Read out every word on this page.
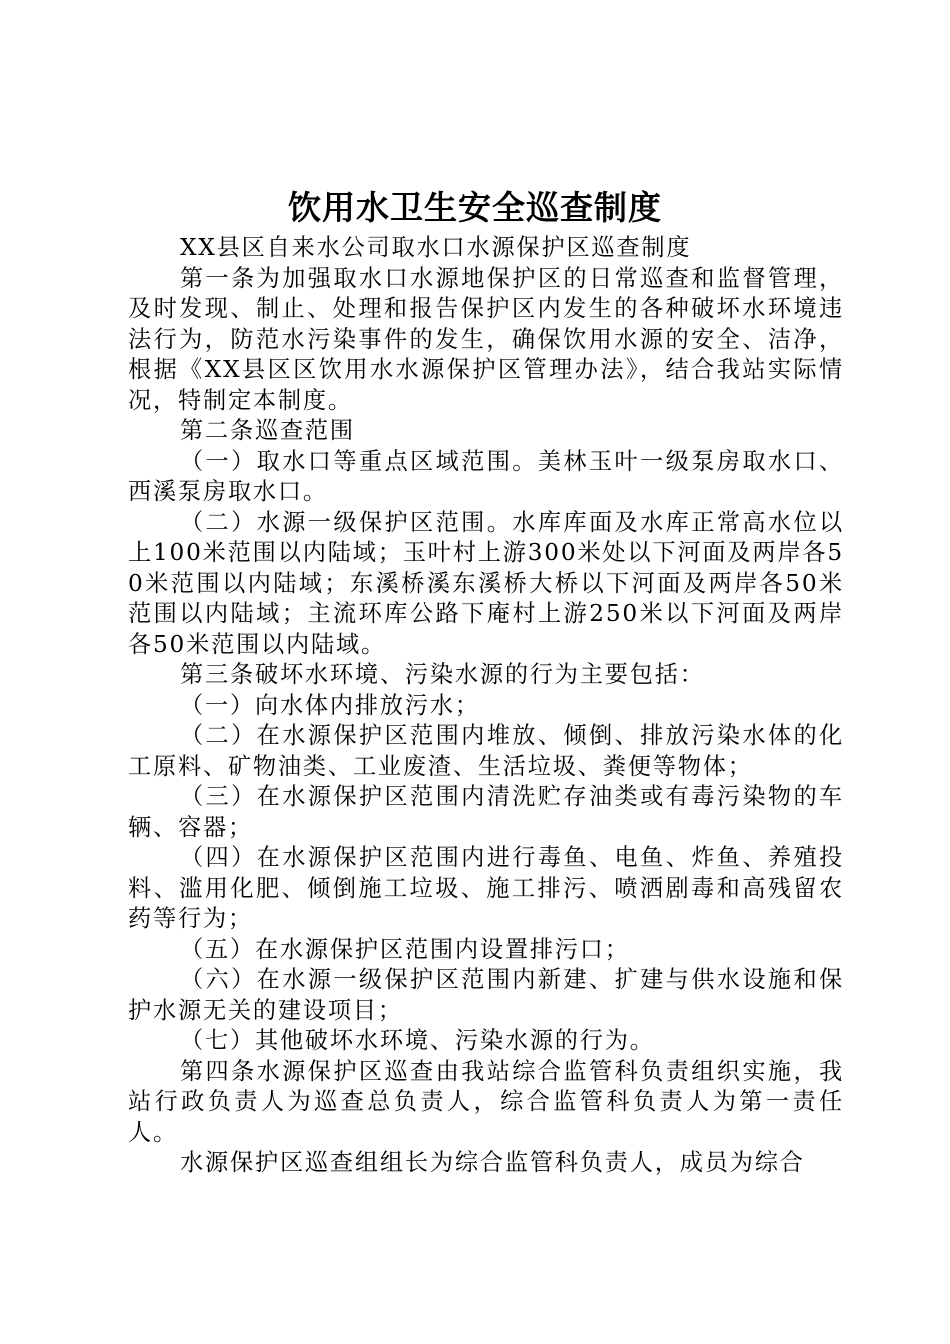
饮用水卫生安全巡查制度

XX县区自来水公司取水口水源保护区巡查制度

第一条为加强取水口水源地保护区的日常巡查和监督管理，及时发现、制止、处理和报告保护区内发生的各种破坏水环境违法行为，防范水污染事件的发生，确保饮用水源的安全、洁净，根据《XX县区区饮用水水源保护区管理办法》，结合我站实际情况，特制定本制度。

第二条巡查范围

（一）取水口等重点区域范围。美林玉叶一级泵房取水口、西溪泵房取水口。

（二）水源一级保护区范围。水库库面及水库正常高水位以上100米范围以内陆域；玉叶村上游300米处以下河面及两岸各50米范围以内陆域；东溪桥溪东溪桥大桥以下河面及两岸各50米范围以内陆域；主流环库公路下庵村上游250米以下河面及两岸各50米范围以内陆域。

第三条破坏水环境、污染水源的行为主要包括：

（一）向水体内排放污水；

（二）在水源保护区范围内堆放、倾倒、排放污染水体的化工原料、矿物油类、工业废渣、生活垃圾、粪便等物体；

（三）在水源保护区范围内清洗贮存油类或有毒污染物的车辆、容器；

（四）在水源保护区范围内进行毒鱼、电鱼、炸鱼、养殖投料、滥用化肥、倾倒施工垃圾、施工排污、喷洒剧毒和高残留农药等行为；

（五）在水源保护区范围内设置排污口；

（六）在水源一级保护区范围内新建、扩建与供水设施和保护水源无关的建设项目；

（七）其他破坏水环境、污染水源的行为。

第四条水源保护区巡查由我站综合监管科负责组织实施，我站行政负责人为巡查总负责人，综合监管科负责人为第一责任人。

水源保护区巡查组组长为综合监管科负责人，成员为综合
